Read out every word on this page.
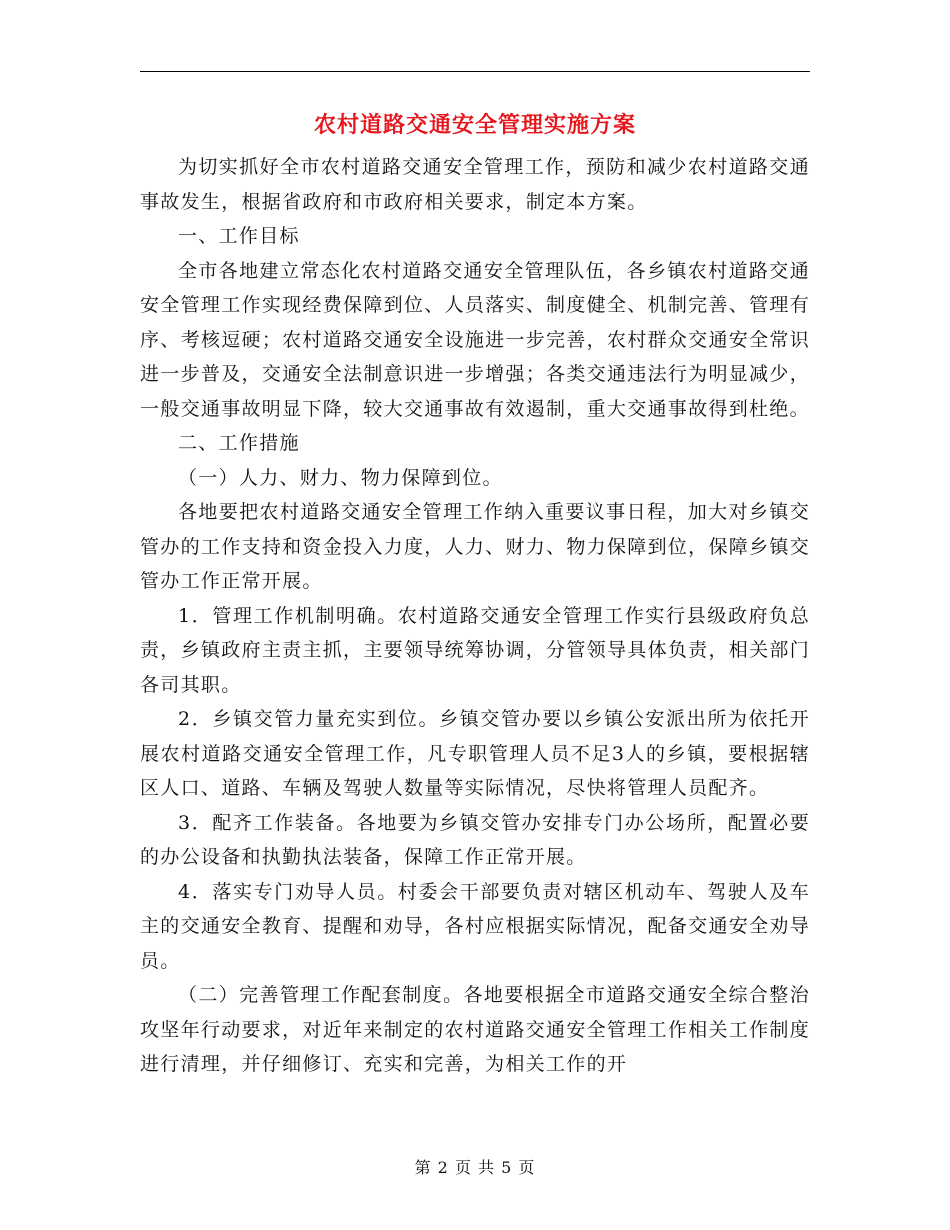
农村道路交通安全管理实施方案

为切实抓好全市农村道路交通安全管理工作，预防和减少农村道路交通事故发生，根据省政府和市政府相关要求，制定本方案。

一、工作目标

全市各地建立常态化农村道路交通安全管理队伍，各乡镇农村道路交通安全管理工作实现经费保障到位、人员落实、制度健全、机制完善、管理有序、考核逗硬；农村道路交通安全设施进一步完善，农村群众交通安全常识进一步普及，交通安全法制意识进一步增强；各类交通违法行为明显减少，一般交通事故明显下降，较大交通事故有效遏制，重大交通事故得到杜绝。

二、工作措施

（一）人力、财力、物力保障到位。

各地要把农村道路交通安全管理工作纳入重要议事日程，加大对乡镇交管办的工作支持和资金投入力度，人力、财力、物力保障到位，保障乡镇交管办工作正常开展。

1．管理工作机制明确。农村道路交通安全管理工作实行县级政府负总责，乡镇政府主责主抓，主要领导统筹协调，分管领导具体负责，相关部门各司其职。

2．乡镇交管力量充实到位。乡镇交管办要以乡镇公安派出所为依托开展农村道路交通安全管理工作，凡专职管理人员不足3人的乡镇，要根据辖区人口、道路、车辆及驾驶人数量等实际情况，尽快将管理人员配齐。

3．配齐工作装备。各地要为乡镇交管办安排专门办公场所，配置必要的办公设备和执勤执法装备，保障工作正常开展。

4．落实专门劝导人员。村委会干部要负责对辖区机动车、驾驶人及车主的交通安全教育、提醒和劝导，各村应根据实际情况，配备交通安全劝导员。

（二）完善管理工作配套制度。各地要根据全市道路交通安全综合整治攻坚年行动要求，对近年来制定的农村道路交通安全管理工作相关工作制度进行清理，并仔细修订、充实和完善，为相关工作的开

第 2 页 共 5 页
